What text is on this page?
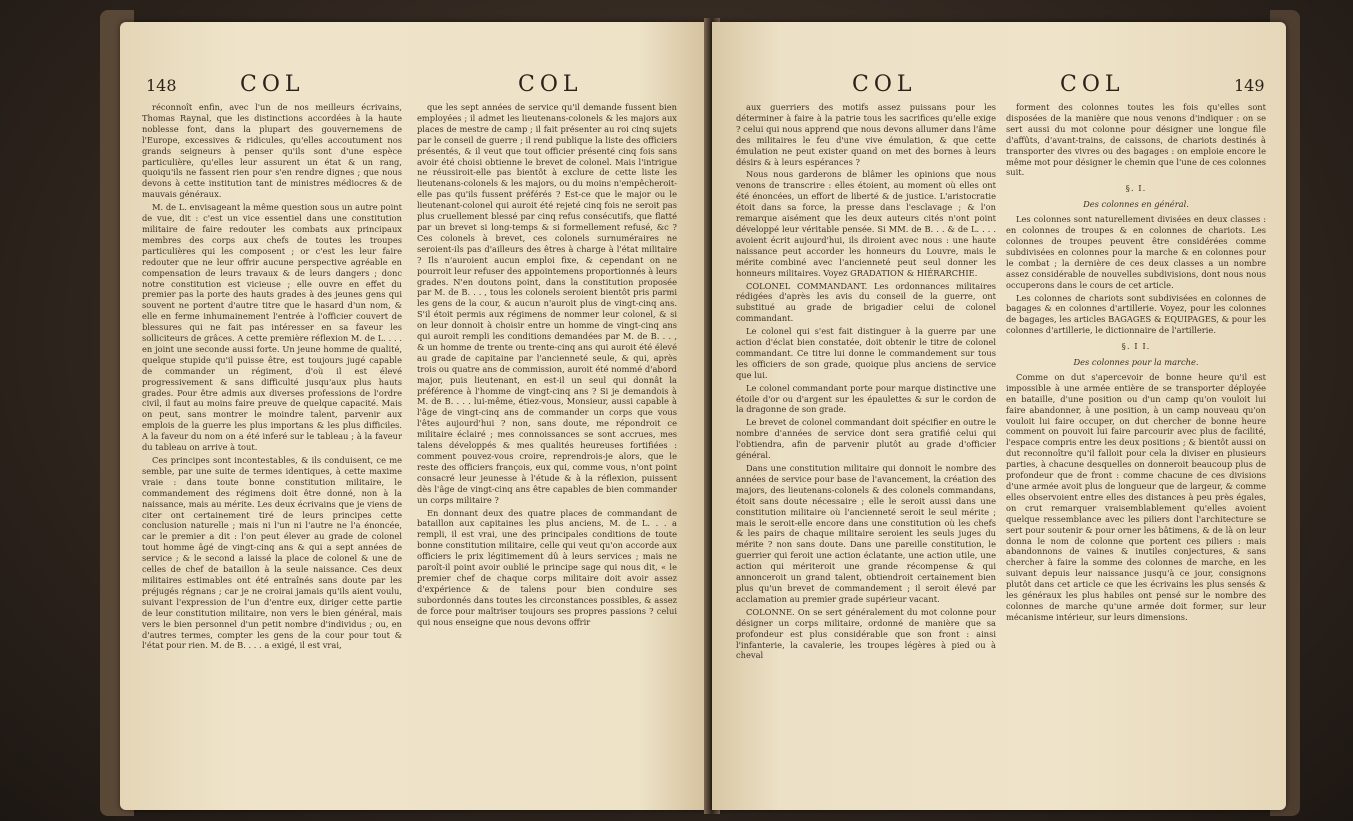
148	COL	COL

réconnoît enfin, avec l'un de nos meilleurs écrivains, Thomas Raynal, que les distinctions accordées à la haute noblesse font, dans la plupart des gouvernemens de l'Europe, excessives & ridicules, qu'elles accoutument nos grands seigneurs à penser qu'ils sont d'une espèce particulière, qu'elles leur assurent un état & un rang, quoiqu'ils ne fassent rien pour s'en rendre dignes ; que nous devons à cette institution tant de ministres médiocres & de mauvais généraux.

M. de L. envisageant la même question sous un autre point de vue, dit : c'est un vice essentiel dans une constitution militaire de faire redouter les combats aux principaux membres des corps aux chefs de toutes les troupes particulières qui les composent ; or c'est les leur faire redouter que ne leur offrir aucune perspective agréable en compensation de leurs travaux & de leurs dangers ; donc notre constitution est vicieuse ; elle ouvre en effet du premier pas la porte des hauts grades à des jeunes gens qui souvent ne portent d'autre titre que le hasard d'un nom, & elle en ferme inhumainement l'entrée à l'officier couvert de blessures qui ne fait pas intéresser en sa faveur les solliciteurs de grâces. A cette première réflexion M. de L. . . . en joint une seconde aussi forte. Un jeune homme de qualité, quelque stupide qu'il puisse être, est toujours jugé capable de commander un régiment, d'où il est élevé progressivement & sans difficulté jusqu'aux plus hauts grades. Pour être admis aux diverses professions de l'ordre civil, il faut au moins faire preuve de quelque capacité. Mais on peut, sans montrer le moindre talent, parvenir aux emplois de la guerre les plus importans & les plus difficiles. A la faveur du nom on a été inferé sur le tableau ; à la faveur du tableau on arrive à tout.

Ces principes sont incontestables, & ils conduisent, ce me semble, par une suite de termes identiques, à cette maxime vraie : dans toute bonne constitution militaire, le commandement des régimens doit être donné, non à la naissance, mais au mérite. Les deux écrivains que je viens de citer ont certainement tiré de leurs principes cette conclusion naturelle ; mais ni l'un ni l'autre ne l'a énoncée, car le premier a dit : l'on peut élever au grade de colonel tout homme âgé de vingt-cinq ans & qui a sept années de service ; & le second a laissé la place de colonel & une de celles de chef de bataillon à la seule naissance. Ces deux militaires estimables ont été entraînés sans doute par les préjugés régnans ; car je ne croirai jamais qu'ils aient voulu, suivant l'expression de l'un d'entre eux, diriger cette partie de leur constitution militaire, non vers le bien général, mais vers le bien personnel d'un petit nombre d'individus ; ou, en d'autres termes, compter les gens de la cour pour tout & l'état pour rien. M. de B. . . . a exigé, il est vrai,

que les sept années de service qu'il demande fussent bien employées ; il admet les lieutenans-colonels & les majors aux places de mestre de camp ; il fait présenter au roi cinq sujets par le conseil de guerre ; il rend publique la liste des officiers présentés, & il veut que tout officier présenté cinq fois sans avoir été choisi obtienne le brevet de colonel. Mais l'intrigue ne réussiroit-elle pas bientôt à exclure de cette liste les lieutenans-colonels & les majors, ou du moins n'empêcheroit-elle pas qu'ils fussent préférés ? Est-ce que le major ou le lieutenant-colonel qui auroit été rejeté cinq fois ne seroit pas plus cruellement blessé par cinq refus consécutifs, que flatté par un brevet si long-temps & si formellement refusé, &c ? Ces colonels à brevet, ces colonels surnuméraires ne seroient-ils pas d'ailleurs des êtres à charge à l'état militaire ? Ils n'auroient aucun emploi fixe, & cependant on ne pourroit leur refuser des appointemens proportionnés à leurs grades. N'en doutons point, dans la constitution proposée par M. de B. . . , tous les colonels seroient bientôt pris parmi les gens de la cour, & aucun n'auroit plus de vingt-cinq ans. S'il étoit permis aux régimens de nommer leur colonel, & si on leur donnoit à choisir entre un homme de vingt-cinq ans qui auroit rempli les conditions demandées par M. de B. . . , & un homme de trente ou trente-cinq ans qui auroit été élevé au grade de capitaine par l'ancienneté seule, & qui, après trois ou quatre ans de commission, auroit été nommé d'abord major, puis lieutenant, en est-il un seul qui donnât la préférence à l'homme de vingt-cinq ans ? Si je demandois à M. de B. . . . lui-même, étiez-vous, Monsieur, aussi capable à l'âge de vingt-cinq ans de commander un corps que vous l'êtes aujourd'hui ? non, sans doute, me répondroit ce militaire éclairé ; mes connoissances se sont accrues, mes talens développés & mes qualités heureuses fortifiées : comment pouvez-vous croire, reprendrois-je alors, que le reste des officiers françois, eux qui, comme vous, n'ont point consacré leur jeunesse à l'étude & à la réflexion, puissent dès l'âge de vingt-cinq ans être capables de bien commander un corps militaire ?

En donnant deux des quatre places de commandant de bataillon aux capitaines les plus anciens, M. de L. . . a rempli, il est vrai, une des principales conditions de toute bonne constitution militaire, celle qui veut qu'on accorde aux officiers le prix légitimement dû à leurs services ; mais ne paroît-il point avoir oublié le principe sage qui nous dit, « le premier chef de chaque corps militaire doit avoir assez d'expérience & de talens pour bien conduire ses subordonnés dans toutes les circonstances possibles, & assez de force pour maîtriser toujours ses propres passions ? celui qui nous enseigne que nous devons offrir

COL	COL	149

aux guerriers des motifs assez puissans pour les déterminer à faire à la patrie tous les sacrifices qu'elle exige ? celui qui nous apprend que nous devons allumer dans l'âme des militaires le feu d'une vive émulation, & que cette émulation ne peut exister quand on met des bornes à leurs désirs & à leurs espérances ?

Nous nous garderons de blâmer les opinions que nous venons de transcrire : elles étoient, au moment où elles ont été énoncées, un effort de liberté & de justice. L'aristocratie étoit dans sa force, la presse dans l'esclavage ; & l'on remarque aisément que les deux auteurs cités n'ont point développé leur véritable pensée. Si MM. de B. . . & de L. . . . avoient écrit aujourd'hui, ils diroient avec nous : une haute naissance peut accorder les honneurs du Louvre, mais le mérite combiné avec l'ancienneté peut seul donner les honneurs militaires. Voyez GRADATION & HIÉRARCHIE.

COLONEL COMMANDANT. Les ordonnances militaires rédigées d'après les avis du conseil de la guerre, ont substitué au grade de brigadier celui de colonel commandant.

Le colonel qui s'est fait distinguer à la guerre par une action d'éclat bien constatée, doit obtenir le titre de colonel commandant. Ce titre lui donne le commandement sur tous les officiers de son grade, quoique plus anciens de service que lui.

Le colonel commandant porte pour marque distinctive une étoile d'or ou d'argent sur les épaulettes & sur le cordon de la dragonne de son grade.

Le brevet de colonel commandant doit spécifier en outre le nombre d'années de service dont sera gratifié celui qui l'obtiendra, afin de parvenir plutôt au grade d'officier général.

Dans une constitution militaire qui donnoit le nombre des années de service pour base de l'avancement, la création des majors, des lieutenans-colonels & des colonels commandans, étoit sans doute nécessaire ; elle le seroit aussi dans une constitution militaire où l'ancienneté seroit le seul mérite ; mais le seroit-elle encore dans une constitution où les chefs & les pairs de chaque militaire seroient les seuls juges du mérite ? non sans doute. Dans une pareille constitution, le guerrier qui feroit une action éclatante, une action utile, une action qui mériteroit une grande récompense & qui annonceroit un grand talent, obtiendroit certainement bien plus qu'un brevet de commandement ; il seroit élevé par acclamation au premier grade supérieur vacant.

COLONNE. On se sert généralement du mot colonne pour désigner un corps militaire, ordonné de manière que sa profondeur est plus considérable que son front : ainsi l'infanterie, la cavalerie, les troupes légères à pied ou à cheval

forment des colonnes toutes les fois qu'elles sont disposées de la manière que nous venons d'indiquer : on se sert aussi du mot colonne pour désigner une longue file d'affûts, d'avant-trains, de caissons, de chariots destinés à transporter des vivres ou des bagages : on emploie encore le même mot pour désigner le chemin que l'une de ces colonnes suit.

§. I.
Des colonnes en général.

Les colonnes sont naturellement divisées en deux classes : en colonnes de troupes & en colonnes de chariots. Les colonnes de troupes peuvent être considérées comme subdivisées en colonnes pour la marche & en colonnes pour le combat ; la dernière de ces deux classes a un nombre assez considérable de nouvelles subdivisions, dont nous nous occuperons dans le cours de cet article.

Les colonnes de chariots sont subdivisées en colonnes de bagages & en colonnes d'artillerie. Voyez, pour les colonnes de bagages, les articles BAGAGES & EQUIPAGES, & pour les colonnes d'artillerie, le dictionnaire de l'artillerie.

§. I I.
Des colonnes pour la marche.

Comme on dut s'apercevoir de bonne heure qu'il est impossible à une armée entière de se transporter déployée en bataille, d'une position ou d'un camp qu'on vouloit lui faire abandonner, à une position, à un camp nouveau qu'on vouloit lui faire occuper, on dut chercher de bonne heure comment on pouvoit lui faire parcourir avec plus de facilité, l'espace compris entre les deux positions ; & bientôt aussi on dut reconnoître qu'il falloit pour cela la diviser en plusieurs parties, à chacune desquelles on donneroit beaucoup plus de profondeur que de front : comme chacune de ces divisions d'une armée avoit plus de longueur que de largeur, & comme elles observoient entre elles des distances à peu près égales, on crut remarquer vraisemblablement qu'elles avoient quelque ressemblance avec les piliers dont l'architecture se sert pour soutenir & pour orner les bâtimens, & de là on leur donna le nom de colonne que portent ces piliers : mais abandonnons de vaines & inutiles conjectures, & sans chercher à faire la somme des colonnes de marche, en les suivant depuis leur naissance jusqu'à ce jour, consignons plutôt dans cet article ce que les écrivains les plus sensés & les généraux les plus habiles ont pensé sur le nombre des colonnes de marche qu'une armée doit former, sur leur mécanisme intérieur, sur leurs dimensions.
